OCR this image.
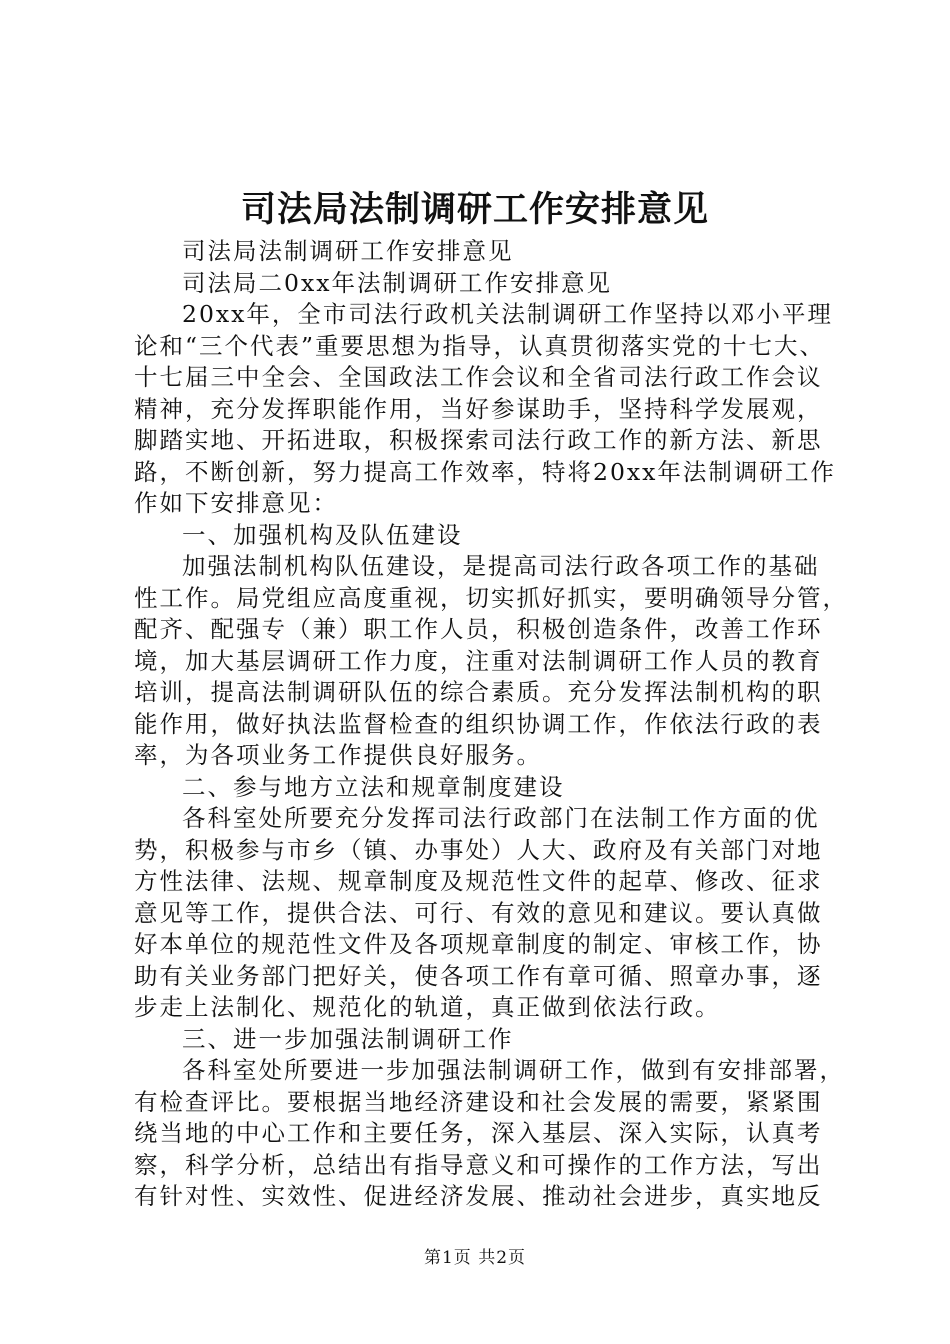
司法局法制调研工作安排意见
司法局法制调研工作安排意见
司法局二0xx年法制调研工作安排意见
20xx年，全市司法行政机关法制调研工作坚持以邓小平理
论和“三个代表”重要思想为指导，认真贯彻落实党的十七大、
十七届三中全会、全国政法工作会议和全省司法行政工作会议
精神，充分发挥职能作用，当好参谋助手，坚持科学发展观，
脚踏实地、开拓进取，积极探索司法行政工作的新方法、新思
路，不断创新，努力提高工作效率，特将20xx年法制调研工作
作如下安排意见：
一、加强机构及队伍建设
加强法制机构队伍建设，是提高司法行政各项工作的基础
性工作。局党组应高度重视，切实抓好抓实，要明确领导分管，
配齐、配强专（兼）职工作人员，积极创造条件，改善工作环
境，加大基层调研工作力度，注重对法制调研工作人员的教育
培训，提高法制调研队伍的综合素质。充分发挥法制机构的职
能作用，做好执法监督检查的组织协调工作，作依法行政的表
率，为各项业务工作提供良好服务。
二、参与地方立法和规章制度建设
各科室处所要充分发挥司法行政部门在法制工作方面的优
势，积极参与市乡（镇、办事处）人大、政府及有关部门对地
方性法律、法规、规章制度及规范性文件的起草、修改、征求
意见等工作，提供合法、可行、有效的意见和建议。要认真做
好本单位的规范性文件及各项规章制度的制定、审核工作，协
助有关业务部门把好关，使各项工作有章可循、照章办事，逐
步走上法制化、规范化的轨道，真正做到依法行政。
三、进一步加强法制调研工作
各科室处所要进一步加强法制调研工作，做到有安排部署，
有检查评比。要根据当地经济建设和社会发展的需要，紧紧围
绕当地的中心工作和主要任务，深入基层、深入实际，认真考
察，科学分析，总结出有指导意义和可操作的工作方法，写出
有针对性、实效性、促进经济发展、推动社会进步，真实地反
第1页 共2页
